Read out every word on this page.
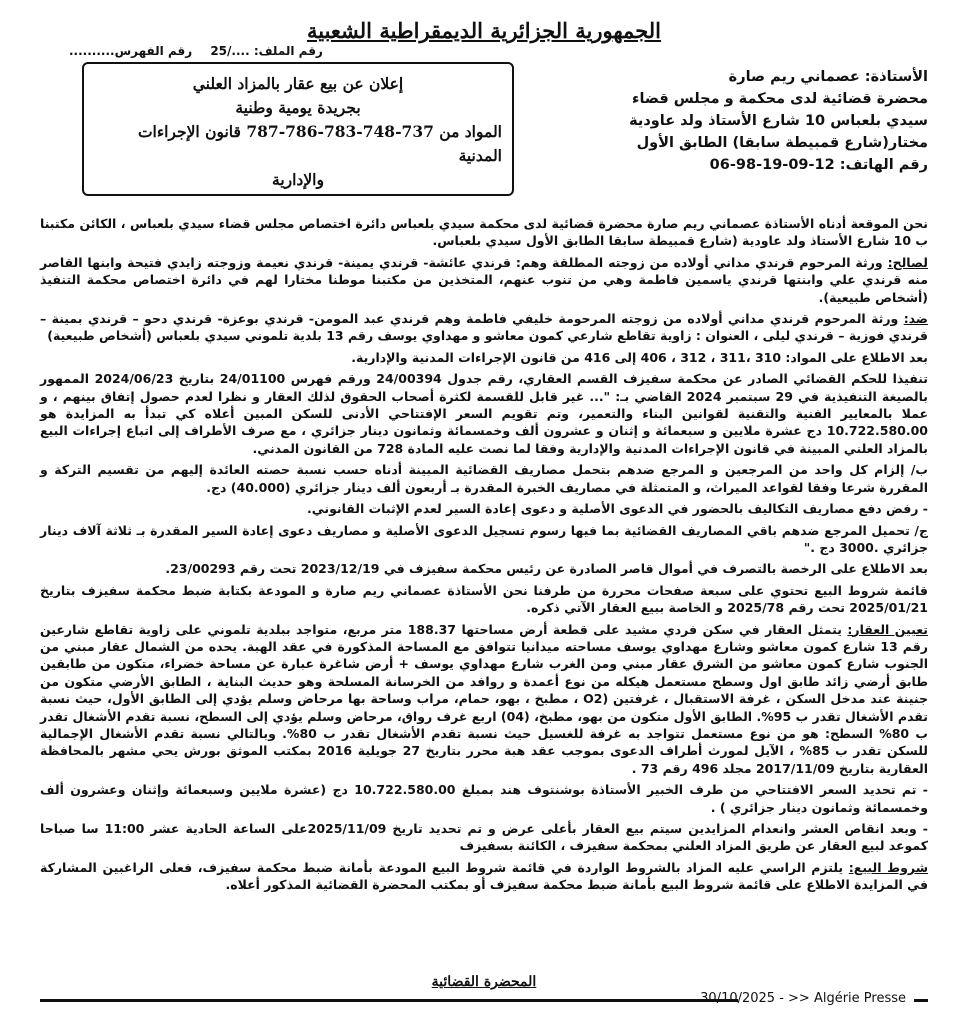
الجمهورية الجزائرية الديمقراطية الشعبية
رقم الملف: ..../25 رقم الفهرس..........
إعلان عن بيع عقار بالمزاد العلني
بجريدة يومية وطنية
المواد من 737-748-783-786-787 قانون الإجراءات المدنية
والإدارية
الأستاذة: عصماني ريم صارة
محضرة قضائية لدى محكمة و مجلس قضاء
سيدي بلعباس 10 شارع الأستاذ ولد عاودية
مختار(شارع قمبيطة سابقا) الطابق الأول
رقم الهاتف: 12-09-19-98-06

نحن الموقعة أدناه الأستاذة عصماني ريم صارة محضرة قضائية لدى محكمة سيدي بلعباس دائرة اختصاص مجلس قضاء سيدي بلعباس ، الكائن مكتبنا ب 10 شارع الأستاذ ولد عاودية (شارع قمبيطة سابقا الطابق الأول سيدي بلعباس.

لصالح: ورثة المرحوم قرندي مداني أولاده من زوجته المطلقة وهم: قرندي عائشة- قرندي يمينة- قرندي نعيمة وزوجته زايدي فتيحة وابنها القاصر منه قرندي علي وابنتها قرندي ياسمين فاطمة وهي من تنوب عنهم، المتخذين من مكتبنا موطنا مختارا لهم في دائرة اختصاص محكمة التنفيذ (أشخاص طبيعية).

ضد: ورثة المرحوم قرندي مداني أولاده من زوجته المرحومة خليفي فاطمة وهم قرندي عبد المومن- قرندي بوعزة- قرندي دحو – قرندي بمينة – قرندي فوزية – قرندي ليلى ، العنوان : زاوية تقاطع شارعي كمون معاشو و مهداوي يوسف رقم 13 بلدية تلموني سيدي بلعباس (أشخاص طبيعية)

بعد الاطلاع على المواد: 310 ،311 ، 312 ، 406 إلى 416 من قانون الإجراءات المدنية والإدارية.

تنفيذا للحكم القضائي الصادر عن محكمة سفيزف القسم العقاري، رقم جدول 24/00394 ورقم فهرس 24/01100 بتاريخ 2024/06/23 الممهور بالصيغة التنفيذية في 29 سبتمبر 2024 القاضي بـ: "... غير قابل للقسمة لكثرة أصحاب الحقوق لذلك العقار و نظرا لعدم حصول إتفاق بينهم ، و عملا بالمعايير الفنية والتقنية لقوانين البناء والتعمير، وتم تقويم السعر الإفتتاحي الأدنى للسكن المبين أعلاه كي تبدأ به المزايدة هو 10.722.580.00 دج عشرة ملايين و سبعمائة و إثنان و عشرون ألف وخمسمائة وثمانون دينار جزائري ، مع صرف الأطراف إلى اتباع إجراءات البيع بالمزاد العلني المبينة في قانون الإجراءات المدنية والإدارية وفقا لما نصت عليه المادة 728 من القانون المدني.

ب/ إلزام كل واحد من المرجعين و المرجع ضدهم بتحمل مصاريف القضائية المبينة أدناه حسب نسبة حصته العائدة إليهم من تقسيم التركة و المقررة شرعا وفقا لقواعد الميراث، و المتمثلة في مصاريف الخبرة المقدرة بـ أربعون ألف دينار جزائري (40.000) دج.

- رفض دفع مصاريف التكاليف بالحضور في الدعوى الأصلية و دعوى إعادة السير لعدم الإثبات القانوني.

ج/ تحميل المرجع ضدهم باقي المصاريف القضائية بما فيها رسوم تسجيل الدعوى الأصلية و مصاريف دعوى إعادة السير المقدرة بـ ثلاثة آلاف دينار جزائري .3000 دج ."

بعد الاطلاع على الرخصة بالتصرف في أموال قاصر الصادرة عن رئيس محكمة سفيزف في 2023/12/19 تحت رقم 23/00293.

قائمة شروط البيع تحتوي على سبعة صفحات محررة من طرفنا نحن الأستاذة عصماني ريم صارة و المودعة بكتابة ضبط محكمة سفيزف بتاريخ 2025/01/21 تحت رقم 2025/78 و الخاصة ببيع العقار الآتي ذكره.

تعيين العقار: يتمثل العقار في سكن فردي مشيد على قطعة أرض مساحتها 188.37 متر مربع، متواجد ببلدية تلموني على زاوية تقاطع شارعين رقم 13 شارع كمون معاشو وشارع مهداوي يوسف مساحته ميدانيا تتوافق مع المساحة المذكورة في عقد الهبة. يحده من الشمال عقار مبني من الجنوب شارع كمون معاشو من الشرق عقار مبني ومن الغرب شارع مهداوي يوسف + أرض شاغرة عبارة عن مساحة خضراء، متكون من طابقين طابق أرضي زائد طابق اول وسطح مستعمل هيكله من نوع أعمدة و روافد من الخرسانة المسلحة وهو حديث البناية ، الطابق الأرضي متكون من جنينة عند مدخل السكن ، غرفة الاستقبال ، غرفتين (O2 ، مطبخ ، بهو، حمام، مراب وساحة بها مرحاض وسلم يؤدي إلى الطابق الأول، حيث نسبة تقدم الأشغال تقدر ب 95%. الطابق الأول متكون من بهو، مطبخ، (04) اربع غرف رواق، مرحاض وسلم يؤدي إلى السطح، نسبة تقدم الأشغال تقدر ب 80% السطح: هو من نوع مستعمل تتواجد به غرفة للغسيل حيث نسبة تقدم الأشغال تقدر ب 80%. وبالتالي نسبة تقدم الأشغال الإجمالية للسكن تقدر ب 85% ، الآيل لمورث أطراف الدعوى بموجب عقد هبة محرر بتاريخ 27 جويلية 2016 بمكتب الموثق بورش يحي مشهر بالمحافظة العقارية بتاريخ 2017/11/09 مجلد 496 رقم 73 .

- تم تحديد السعر الافتتاحي من طرف الخبير الأستاذة بوشنتوف هند بمبلغ 10.722.580.00 دج (عشرة ملايين وسبعمائة وإثنان وعشرون ألف وخمسمائة وثمانون دينار جزائري ) .

- وبعد انقاص العشر وانعدام المزايدين سيتم بيع العقار بأعلى عرض و تم تحديد تاريخ 2025/11/09على الساعة الحادية عشر 11:00 سا صباحا كموعد لبيع العقار عن طريق المزاد العلني بمحكمة سفيزف ، الكائنة بسفيزف

شروط البيع: يلتزم الراسي عليه المزاد بالشروط الواردة في قائمة شروط البيع المودعة بأمانة ضبط محكمة سفيزف، فعلى الراغبين المشاركة في المزايدة الاطلاع على قائمة شروط البيع بأمانة ضبط محكمة سفيزف أو بمكتب المحضرة القضائية المذكور أعلاه.

المحضرة القضائية
30/10/2025 - >> Algérie Presse
